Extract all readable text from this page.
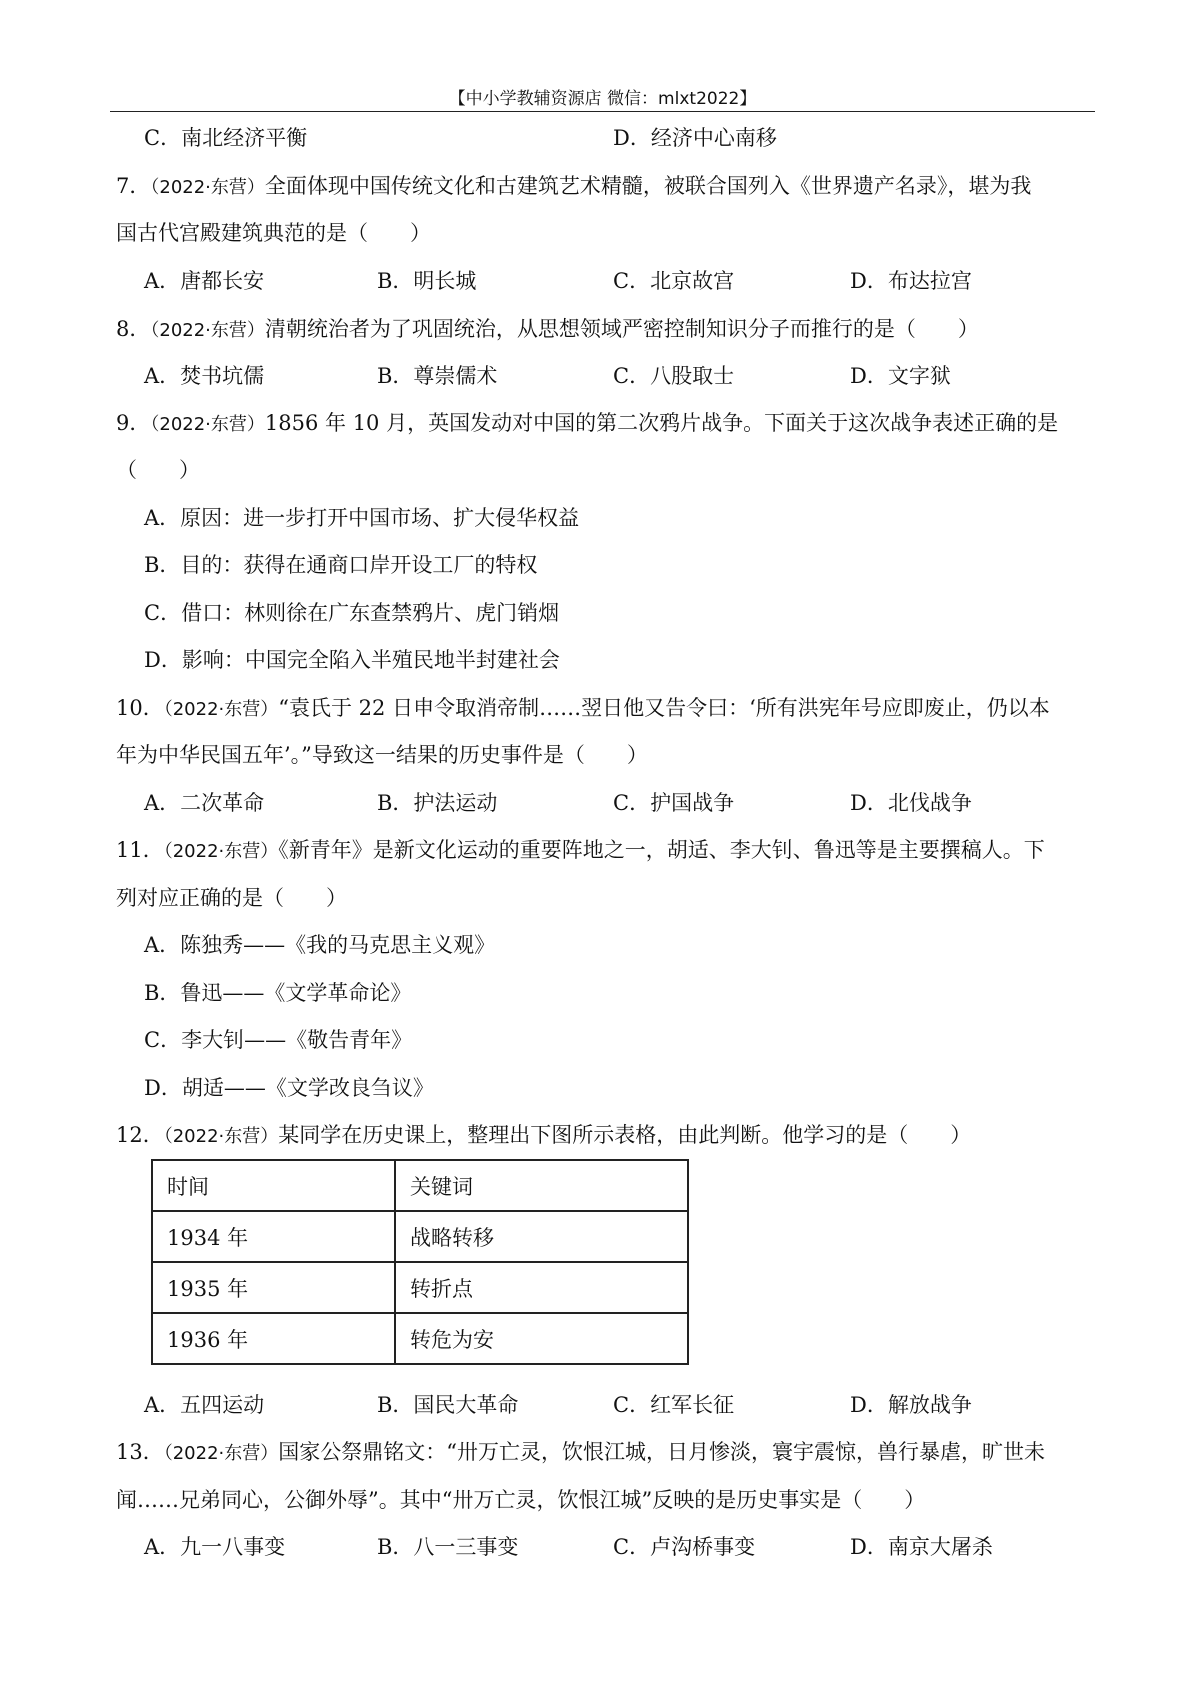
【中小学教辅资源店 微信：mlxt2022】
C．南北经济平衡	D．经济中心南移
7．（2022·东营）全面体现中国传统文化和古建筑艺术精髓，被联合国列入《世界遗产名录》，堪为我
国古代宫殿建筑典范的是（　　）
A．唐都长安	B．明长城	C．北京故宫	D．布达拉宫
8．（2022·东营）清朝统治者为了巩固统治，从思想领域严密控制知识分子而推行的是（　　）
A．焚书坑儒	B．尊崇儒术	C．八股取士	D．文字狱
9．（2022·东营）1856 年 10 月，英国发动对中国的第二次鸦片战争。下面关于这次战争表述正确的是
（　　）
A．原因：进一步打开中国市场、扩大侵华权益
B．目的：获得在通商口岸开设工厂的特权
C．借口：林则徐在广东查禁鸦片、虎门销烟
D．影响：中国完全陷入半殖民地半封建社会
10．（2022·东营）“袁氏于 22 日申令取消帝制……翌日他又告令曰：‘所有洪宪年号应即废止，仍以本
年为中华民国五年’。”导致这一结果的历史事件是（　　）
A．二次革命	B．护法运动	C．护国战争	D．北伐战争
11．（2022·东营）《新青年》是新文化运动的重要阵地之一，胡适、李大钊、鲁迅等是主要撰稿人。下
列对应正确的是（　　）
A．陈独秀——《我的马克思主义观》
B．鲁迅——《文学革命论》
C．李大钊——《敬告青年》
D．胡适——《文学改良刍议》
12．（2022·东营）某同学在历史课上，整理出下图所示表格，由此判断。他学习的是（　　）
时间	关键词
1934 年	战略转移
1935 年	转折点
1936 年	转危为安
A．五四运动	B．国民大革命	C．红军长征	D．解放战争
13．（2022·东营）国家公祭鼎铭文：“卅万亡灵，饮恨江城，日月惨淡，寰宇震惊，兽行暴虐，旷世未
闻……兄弟同心，公御外辱”。其中“卅万亡灵，饮恨江城”反映的是历史事实是（　　）
A．九一八事变	B．八一三事变	C．卢沟桥事变	D．南京大屠杀
